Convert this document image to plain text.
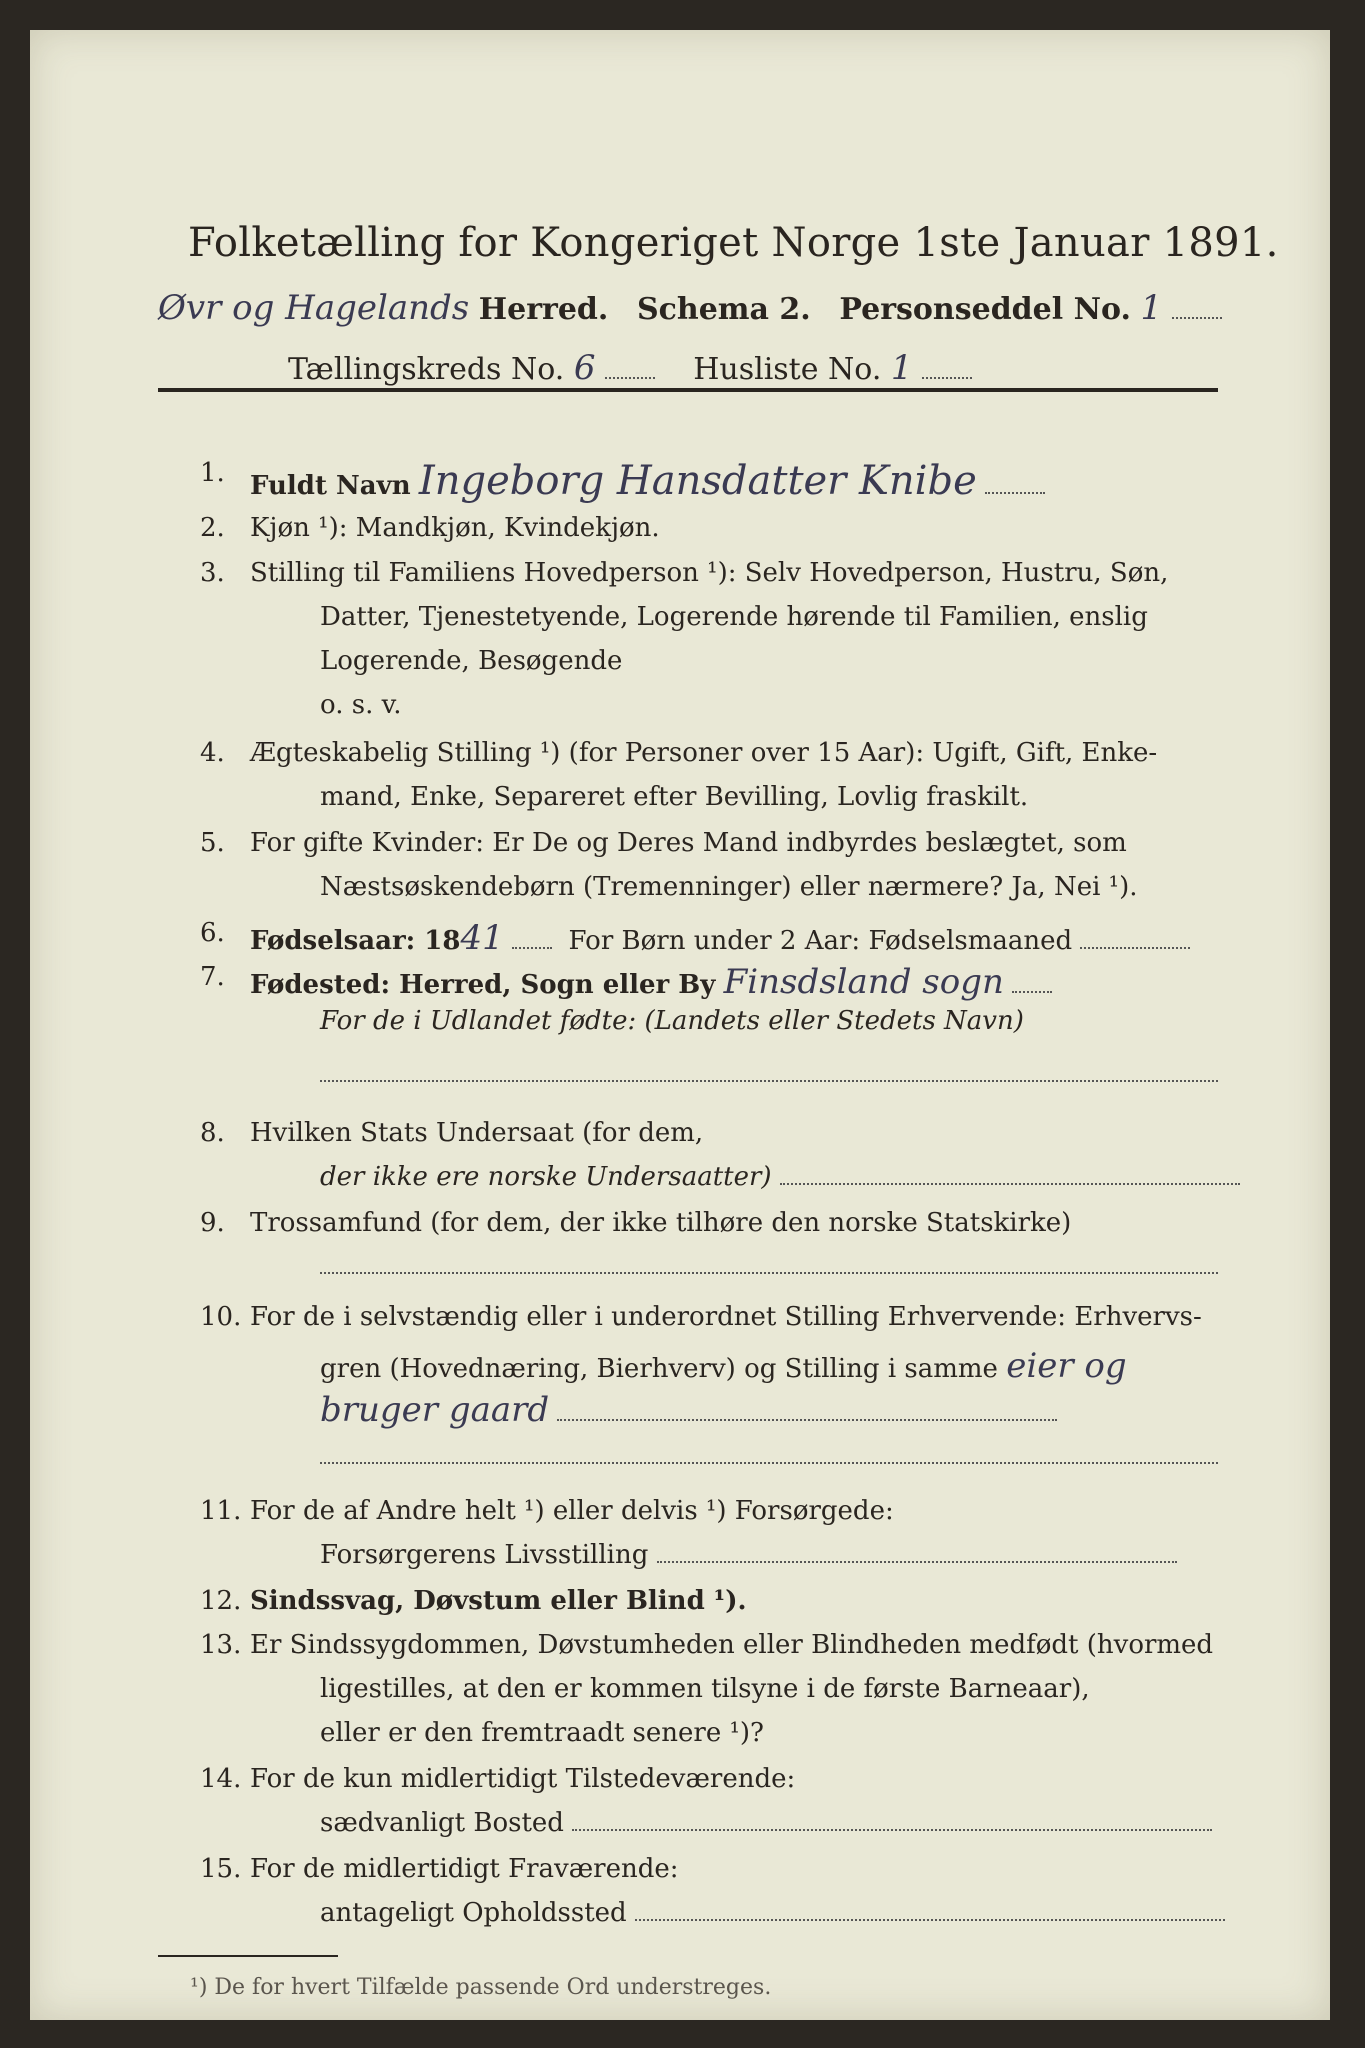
Folketælling for Kongeriget Norge 1ste Januar 1891.
Øvr og Hagelands Herred. Schema 2. Personseddel No. 1
Tællingskreds No. 6	Husliste No. 1
1. Fuldt Navn Ingeborg Hansdatter Knibe
2. Kjøn ¹): Mandkjøn, Kvindekjøn.
3. Stilling til Familiens Hovedperson ¹): Selv Hovedperson, Hustru, Søn,
Datter, Tjenestetyende, Logerende hørende til Familien, enslig
Logerende, Besøgende
o. s. v.
4. Ægteskabelig Stilling ¹) (for Personer over 15 Aar): Ugift, Gift, Enke-
mand, Enke, Separeret efter Bevilling, Lovlig fraskilt.
5. For gifte Kvinder: Er De og Deres Mand indbyrdes beslægtet, som
Næstsøskendebørn (Tremenninger) eller nærmere? Ja, Nei ¹).
6. Fødselsaar: 1841 For Børn under 2 Aar: Fødselsmaaned
7. Fødested: Herred, Sogn eller By Finsdsland sogn
For de i Udlandet fødte: (Landets eller Stedets Navn)
8. Hvilken Stats Undersaat (for dem,
der ikke ere norske Undersaatter)
9. Trossamfund (for dem, der ikke tilhøre den norske Statskirke)
10. For de i selvstændig eller i underordnet Stilling Erhvervende: Erhvervs-
gren (Hovednæring, Bierhverv) og Stilling i samme eier og
bruger gaard
11. For de af Andre helt ¹) eller delvis ¹) Forsørgede:
Forsørgerens Livsstilling
12. Sindssvag, Døvstum eller Blind ¹).
13. Er Sindssygdommen, Døvstumheden eller Blindheden medfødt (hvormed
ligestilles, at den er kommen tilsyne i de første Barneaar),
eller er den fremtraadt senere ¹)?
14. For de kun midlertidigt Tilstedeværende:
sædvanligt Bosted
15. For de midlertidigt Fraværende:
antageligt Opholdssted
¹) De for hvert Tilfælde passende Ord understreges.
